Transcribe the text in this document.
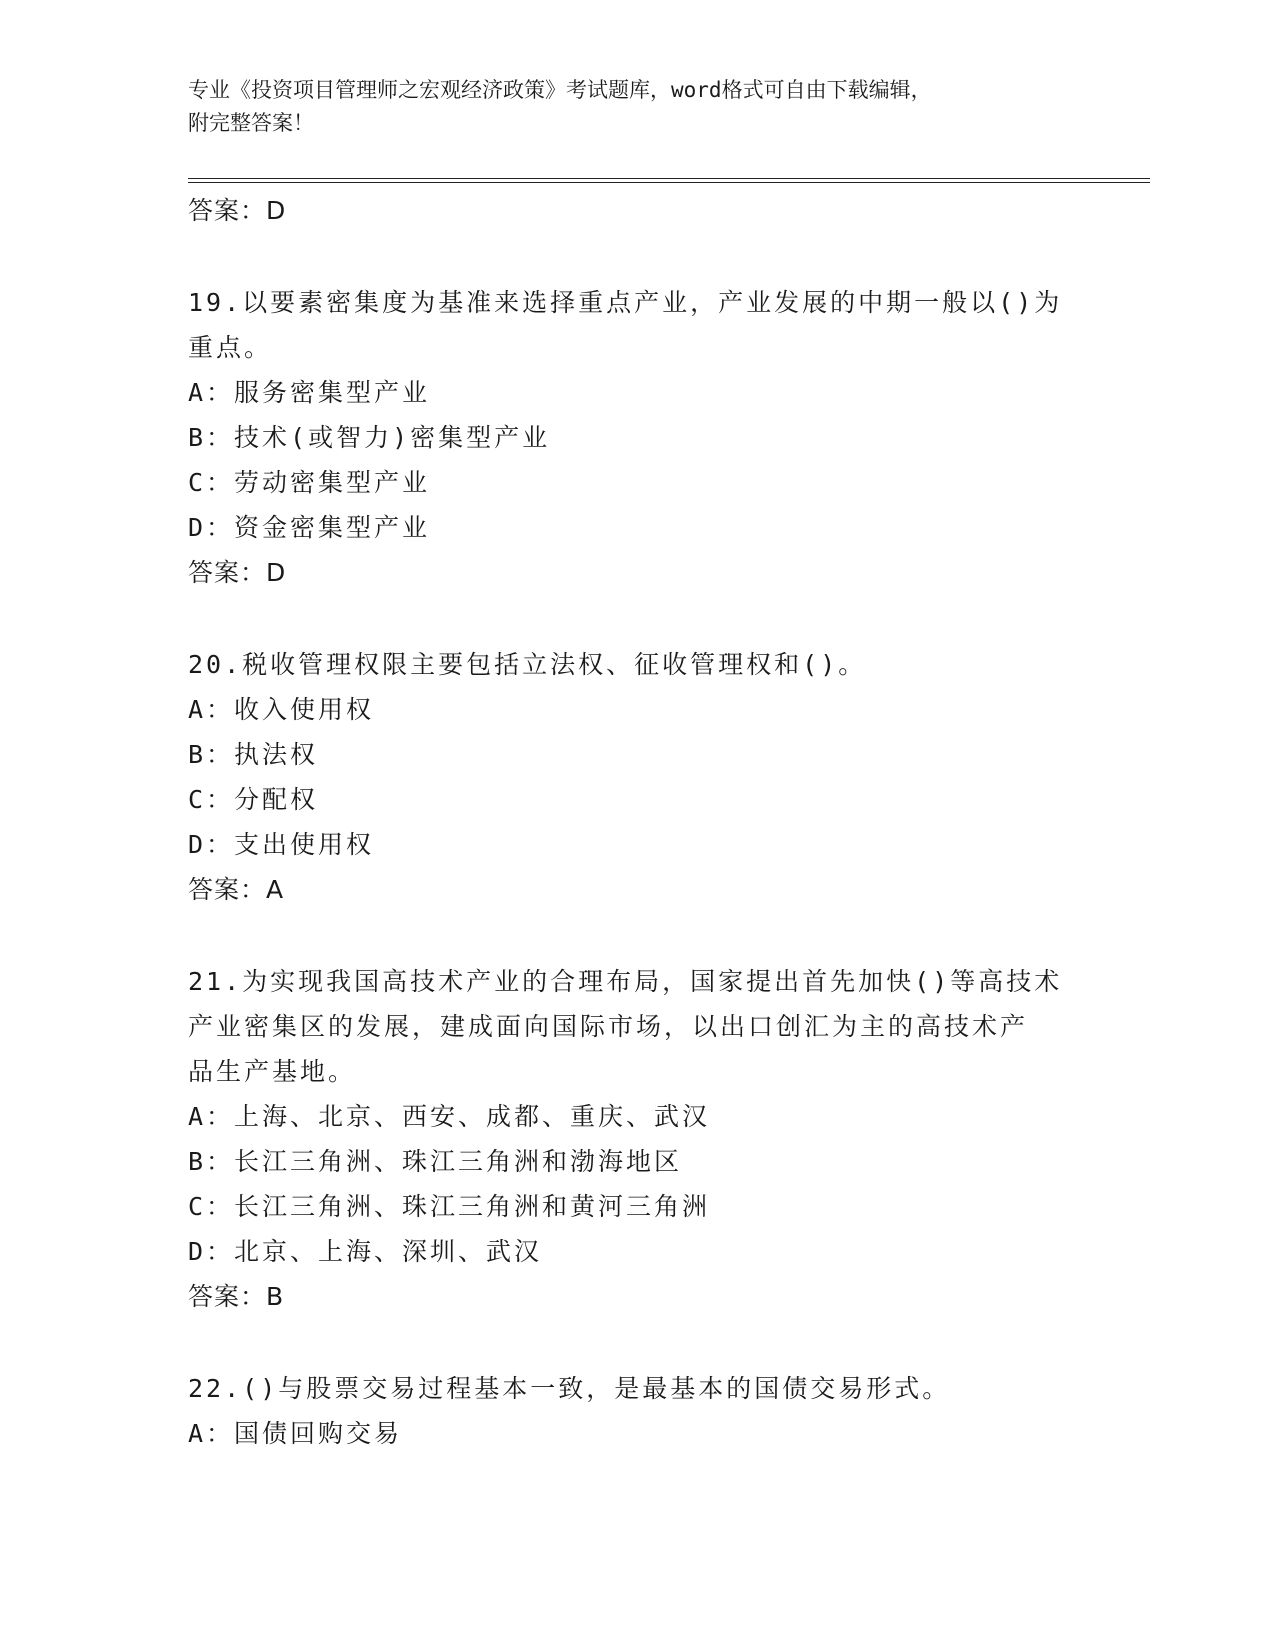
专业《投资项目管理师之宏观经济政策》考试题库，word格式可自由下载编辑，
附完整答案！
答案：D
19.以要素密集度为基准来选择重点产业，产业发展的中期一般以()为
重点。
A：服务密集型产业
B：技术(或智力)密集型产业
C：劳动密集型产业
D：资金密集型产业
答案：D
20.税收管理权限主要包括立法权、征收管理权和()。
A：收入使用权
B：执法权
C：分配权
D：支出使用权
答案：A
21.为实现我国高技术产业的合理布局，国家提出首先加快()等高技术
产业密集区的发展，建成面向国际市场，以出口创汇为主的高技术产
品生产基地。
A：上海、北京、西安、成都、重庆、武汉
B：长江三角洲、珠江三角洲和渤海地区
C：长江三角洲、珠江三角洲和黄河三角洲
D：北京、上海、深圳、武汉
答案：B
22.()与股票交易过程基本一致，是最基本的国债交易形式。
A：国债回购交易
